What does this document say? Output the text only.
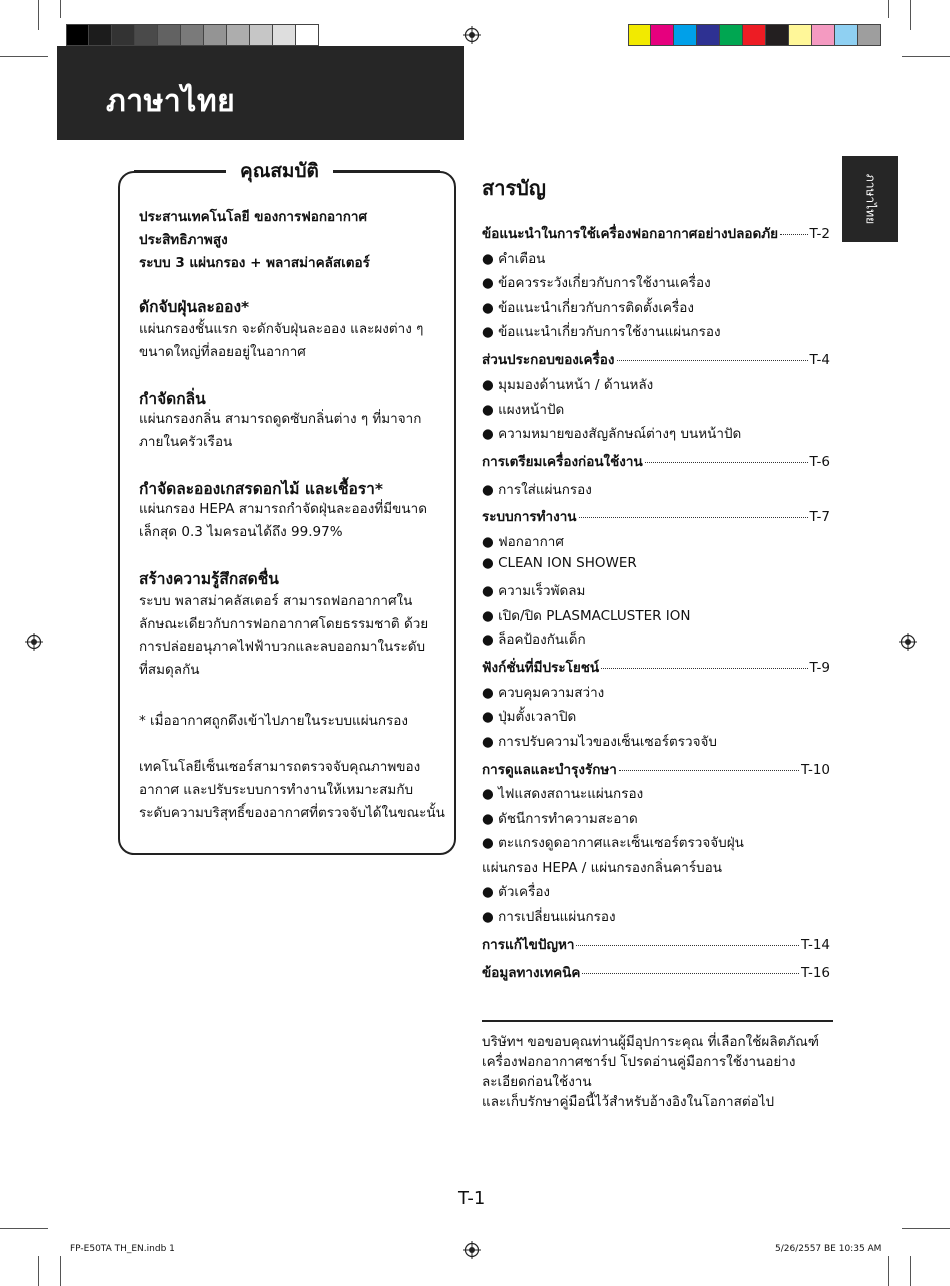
ภาษาไทย
ภาษาไทย
คุณสมบัติ
ประสานเทคโนโลยี ของการฟอกอากาศ
ประสิทธิภาพสูง
ระบบ 3 แผ่นกรอง + พลาสม่าคลัสเตอร์
ดักจับฝุ่นละออง*
แผ่นกรองชั้นแรก จะดักจับฝุ่นละออง และผงต่าง ๆ
ขนาดใหญ่ที่ลอยอยู่ในอากาศ
กำจัดกลิ่น
แผ่นกรองกลิ่น สามารถดูดซับกลิ่นต่าง ๆ ที่มาจาก
ภายในครัวเรือน
กำจัดละอองเกสรดอกไม้ และเชื้อรา*
แผ่นกรอง HEPA สามารถกำจัดฝุ่นละอองที่มีขนาด
เล็กสุด 0.3 ไมครอนได้ถึง 99.97%
สร้างความรู้สึกสดชื่น
ระบบ พลาสม่าคลัสเตอร์ สามารถฟอกอากาศใน
ลักษณะเดียวกับการฟอกอากาศโดยธรรมชาติ ด้วย
การปล่อยอนุภาคไฟฟ้าบวกและลบออกมาในระดับ
ที่สมดุลกัน
* เมื่ออากาศถูกดึงเข้าไปภายในระบบแผ่นกรอง
เทคโนโลยีเซ็นเซอร์สามารถตรวจจับคุณภาพของ
อากาศ และปรับระบบการทำงานให้เหมาะสมกับ
ระดับความบริสุทธิ์ของอากาศที่ตรวจจับได้ในขณะนั้น
สารบัญ
ข้อแนะนำในการใช้เครื่องฟอกอากาศอย่างปลอดภัย T-2
● คำเตือน
● ข้อควรระวังเกี่ยวกับการใช้งานเครื่อง
● ข้อแนะนำเกี่ยวกับการติดตั้งเครื่อง
● ข้อแนะนำเกี่ยวกับการใช้งานแผ่นกรอง
ส่วนประกอบของเครื่อง	T-4
● มุมมองด้านหน้า / ด้านหลัง
● แผงหน้าปัด
● ความหมายของสัญลักษณ์ต่างๆ บนหน้าปัด
การเตรียมเครื่องก่อนใช้งาน	T-6
● การใส่แผ่นกรอง
ระบบการทำงาน	T-7
● ฟอกอากาศ
● CLEAN ION SHOWER
● ความเร็วพัดลม
● เปิด/ปิด PLASMACLUSTER ION
● ล็อคป้องกันเด็ก
ฟังก์ชั่นที่มีประโยชน์	T-9
● ควบคุมความสว่าง
● ปุ่มตั้งเวลาปิด
● การปรับความไวของเซ็นเซอร์ตรวจจับ
การดูแลและบำรุงรักษา	T-10
● ไฟแสดงสถานะแผ่นกรอง
● ดัชนีการทำความสะอาด
● ตะแกรงดูดอากาศและเซ็นเซอร์ตรวจจับฝุ่น
แผ่นกรอง HEPA / แผ่นกรองกลิ่นคาร์บอน
● ตัวเครื่อง
● การเปลี่ยนแผ่นกรอง
การแก้ไขปัญหา	T-14
ข้อมูลทางเทคนิค	T-16
บริษัทฯ ขอขอบคุณท่านผู้มีอุปการะคุณ ที่เลือกใช้ผลิตภัณฑ์
เครื่องฟอกอากาศชาร์ป โปรดอ่านคู่มือการใช้งานอย่าง
ละเอียดก่อนใช้งาน
และเก็บรักษาคู่มือนี้ไว้สำหรับอ้างอิงในโอกาสต่อไป
T-1
FP-E50TA TH_EN.indb 1	5/26/2557 BE 10:35 AM
